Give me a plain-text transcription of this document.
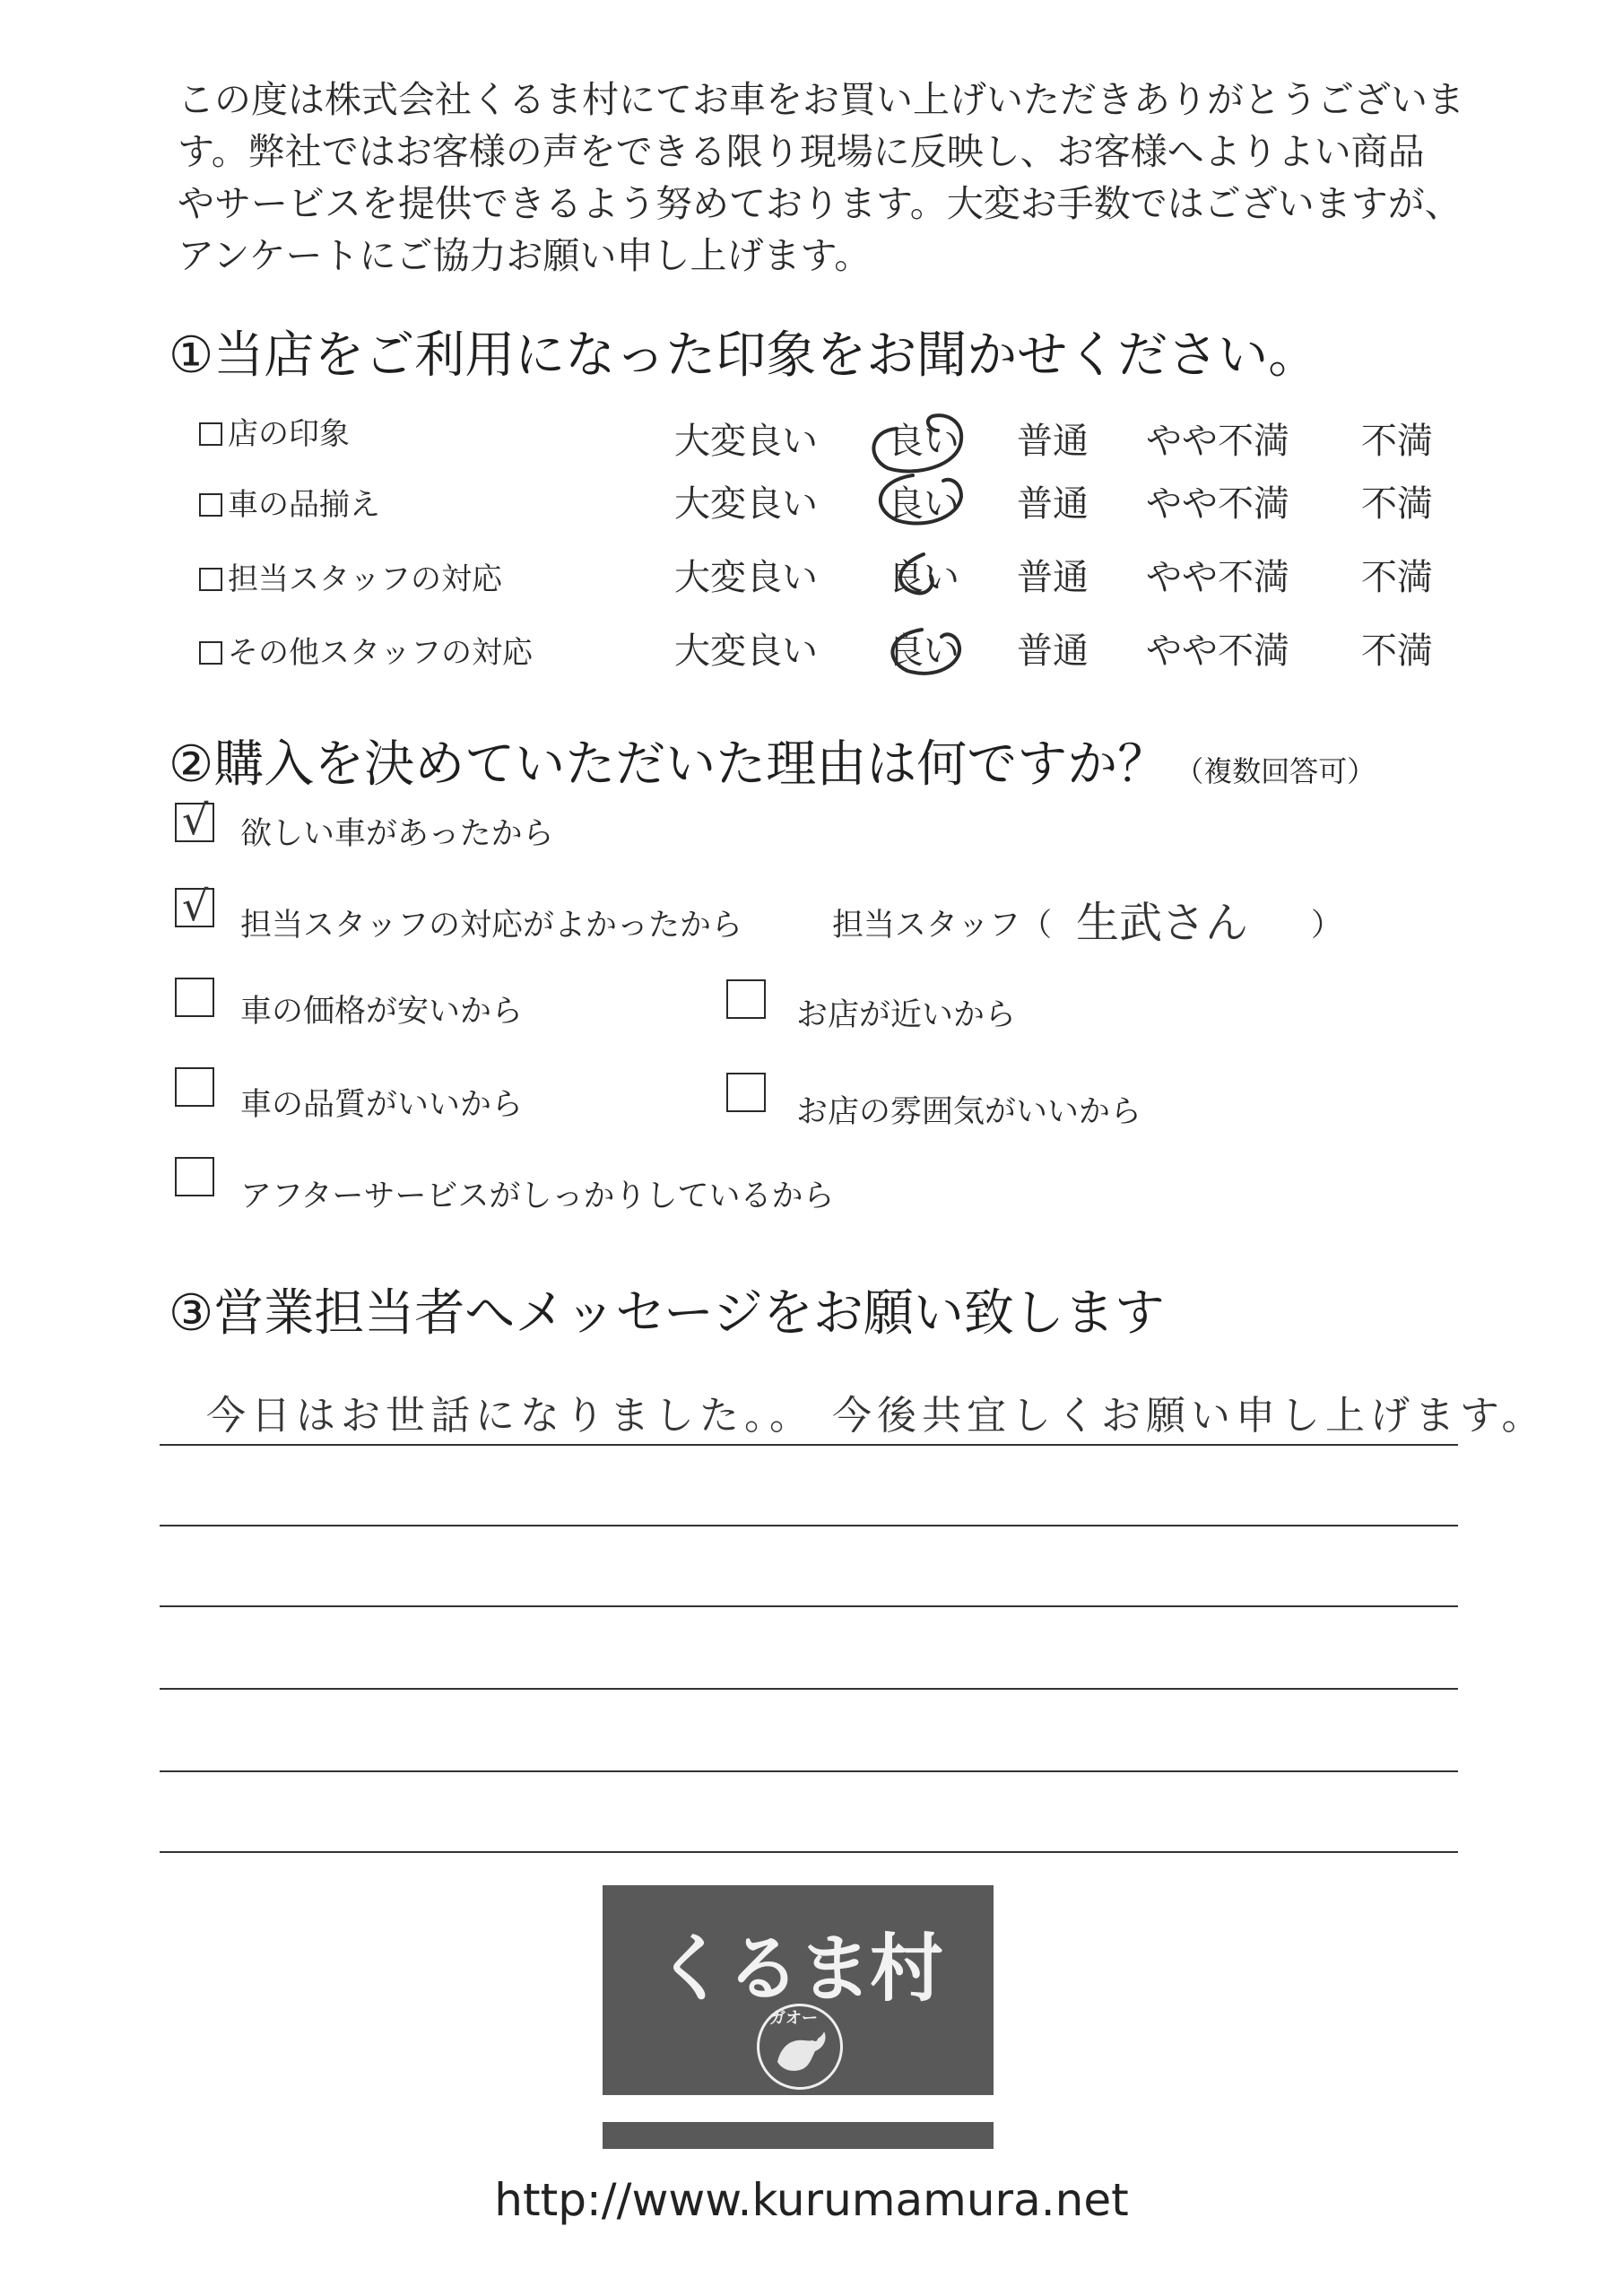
この度は株式会社くるま村にてお車をお買い上げいただきありがとうございま
す。弊社ではお客様の声をできる限り現場に反映し、お客様へよりよい商品
やサービスを提供できるよう努めております。大変お手数ではございますが、
アンケートにご協力お願い申し上げます。
①当店をご利用になった印象をお聞かせください。
店の印象	大変良い 良い 普通 やや不満 不満
車の品揃え	大変良い 良い 普通 やや不満 不満
担当スタッフの対応	大変良い 良い 普通 やや不満 不満
その他スタッフの対応	大変良い 良い 普通 やや不満 不満
②購入を決めていただいた理由は何ですか？ （複数回答可）
√ 欲しい車があったから
√ 担当スタッフの対応がよかったから	担当スタッフ（ 生武さん ）
車の価格が安いから	お店が近いから
車の品質がいいから	お店の雰囲気がいいから
アフターサービスがしっかりしているから
③営業担当者へメッセージをお願い致します
今日はお世話になりました。。 今後共宜しくお願い申し上げます。
くるま村
ガオー
http://www.kurumamura.net
